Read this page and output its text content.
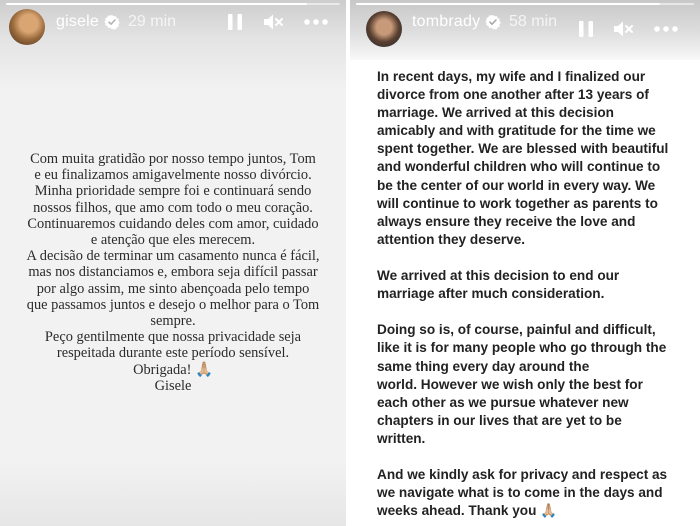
gisele 29 min
Com muita gratidão por nosso tempo juntos, Tom
e eu finalizamos amigavelmente nosso divórcio.
Minha prioridade sempre foi e continuará sendo
nossos filhos, que amo com todo o meu coração.
Continuaremos cuidando deles com amor, cuidado
e atenção que eles merecem.
A decisão de terminar um casamento nunca é fácil,
mas nos distanciamos e, embora seja difícil passar
por algo assim, me sinto abençoada pelo tempo
que passamos juntos e desejo o melhor para o Tom
sempre.
Peço gentilmente que nossa privacidade seja
respeitada durante este período sensível.
Obrigada! 🙏🏼
Gisele
tombrady 58 min
In recent days, my wife and I finalized our
divorce from one another after 13 years of
marriage. We arrived at this decision
amicably and with gratitude for the time we
spent together. We are blessed with beautiful
and wonderful children who will continue to
be the center of our world in every way. We
will continue to work together as parents to
always ensure they receive the love and
attention they deserve.

We arrived at this decision to end our
marriage after much consideration.

Doing so is, of course, painful and difficult,
like it is for many people who go through the
same thing every day around the
world. However we wish only the best for
each other as we pursue whatever new
chapters in our lives that are yet to be
written.

And we kindly ask for privacy and respect as
we navigate what is to come in the days and
weeks ahead. Thank you 🙏🏼
